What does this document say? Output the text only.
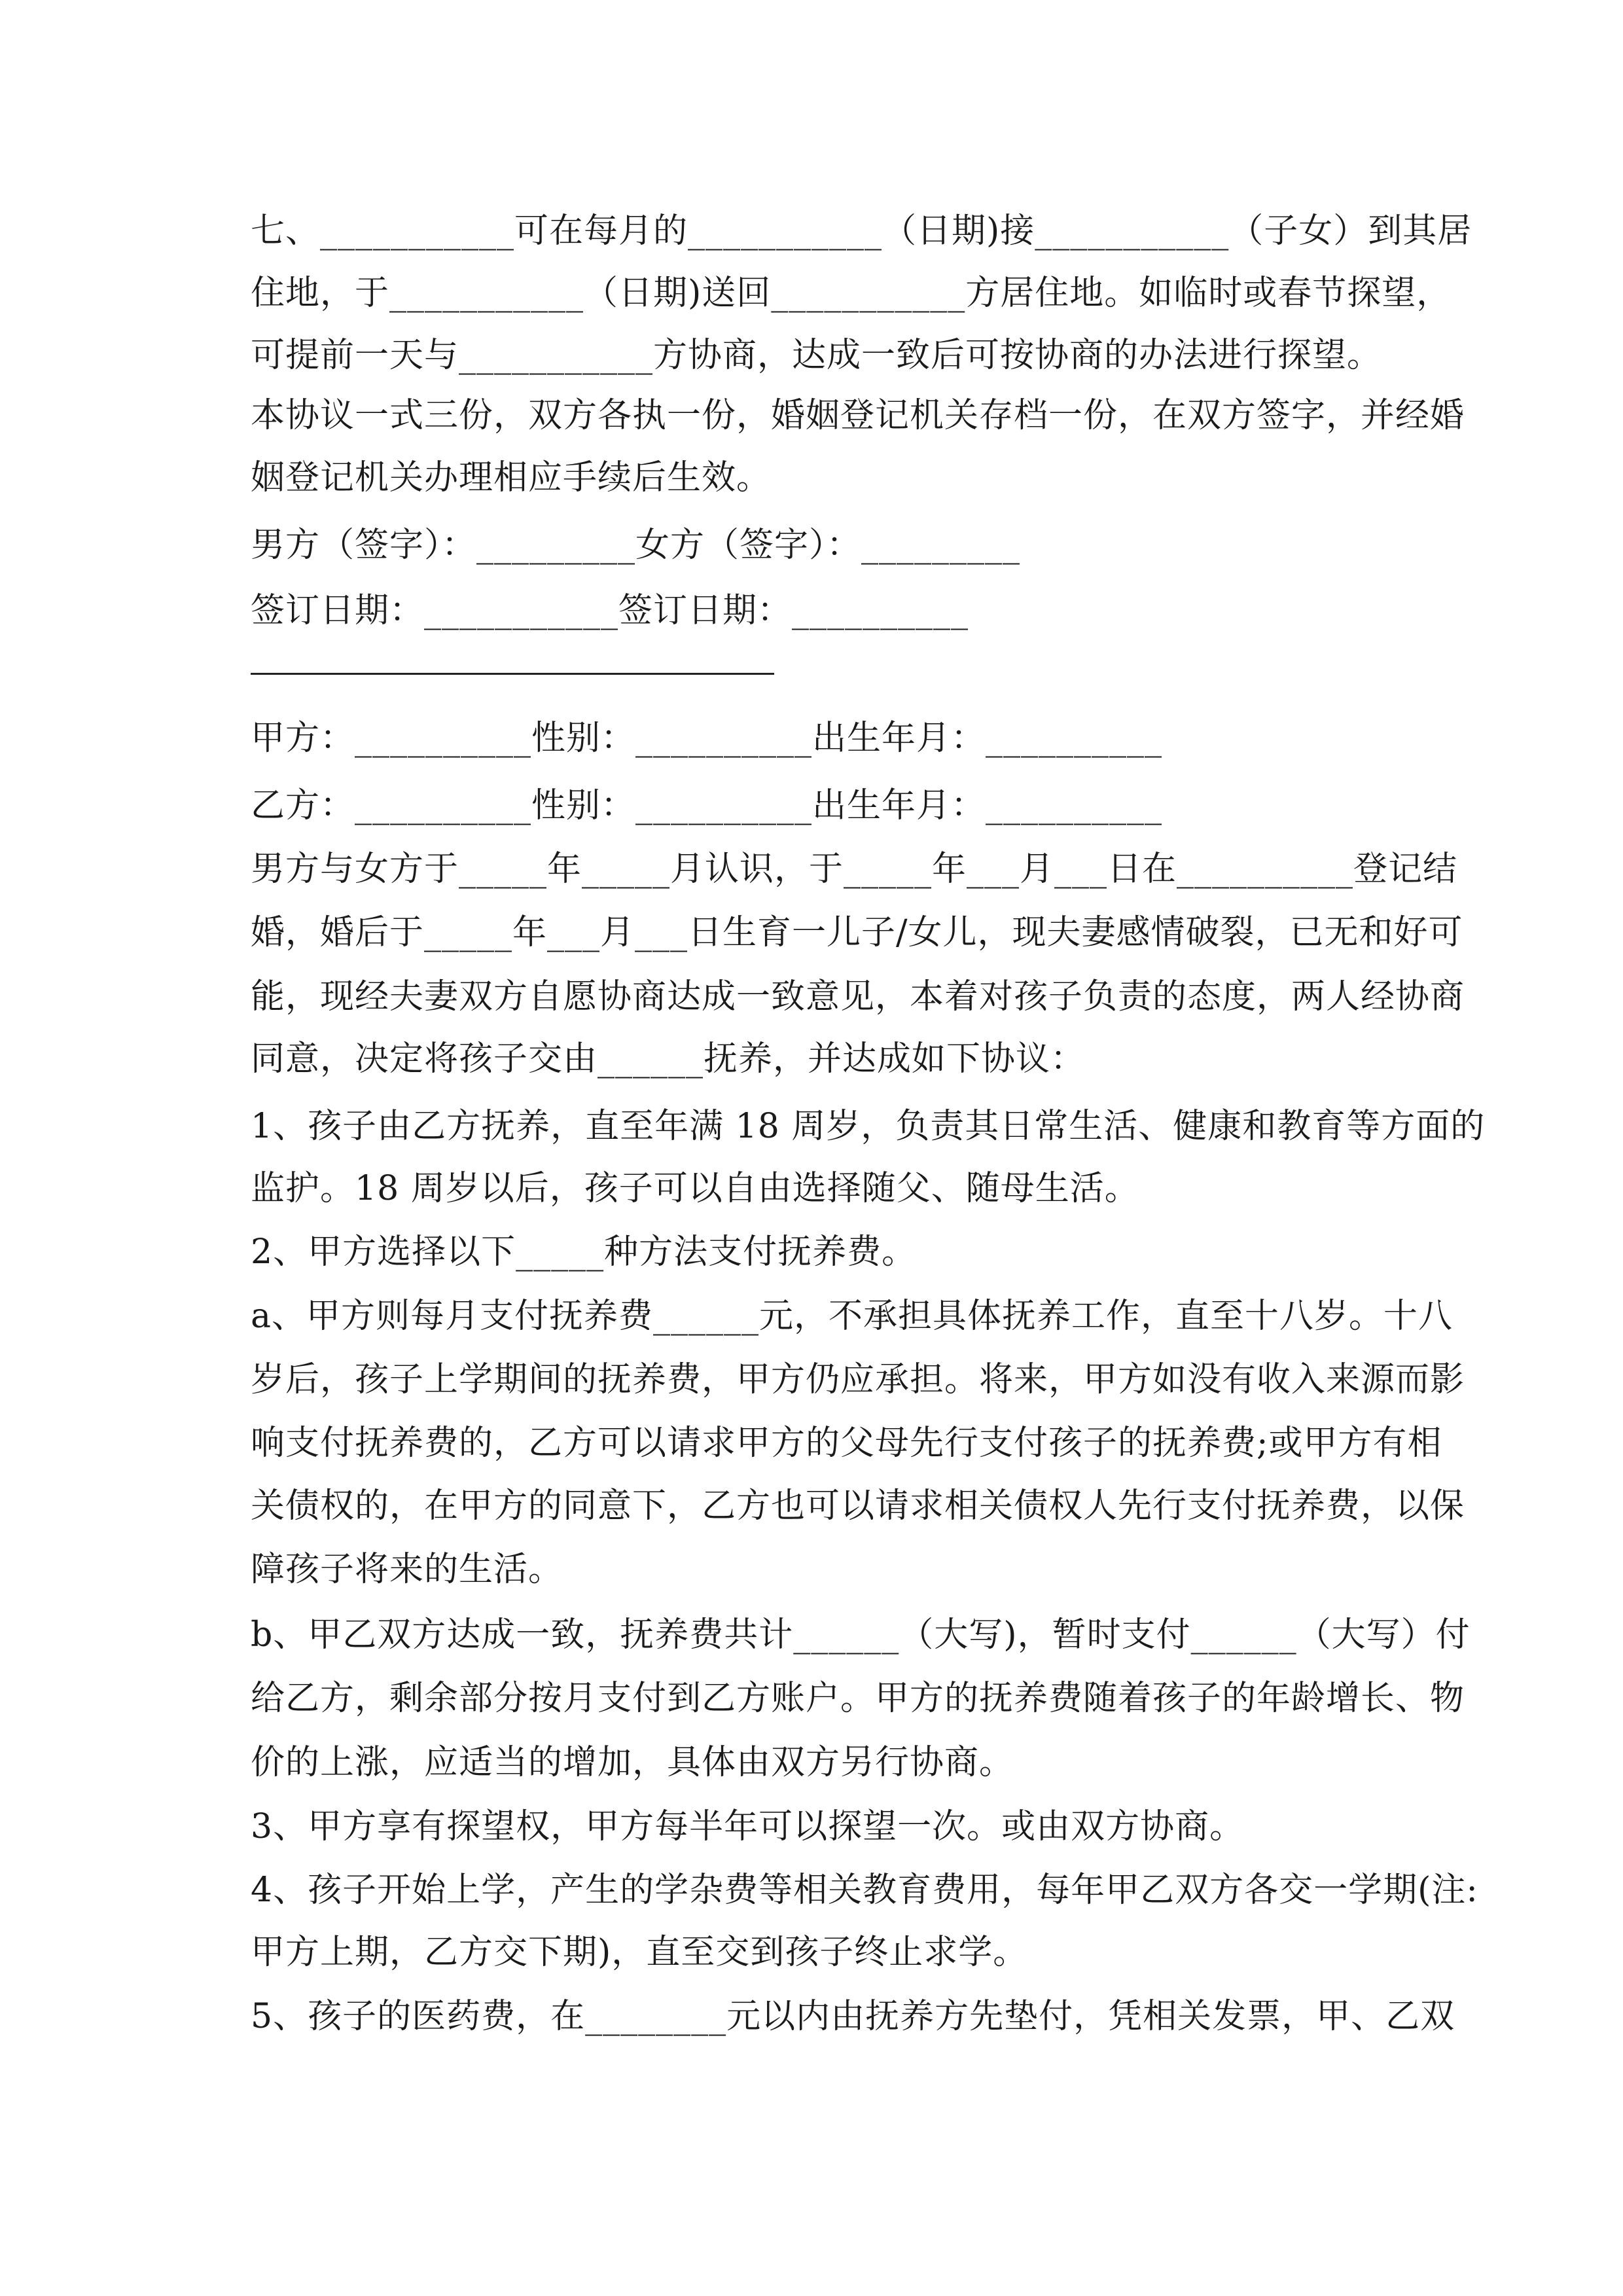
七、___________可在每月的___________（日期)接___________（子女）到其居
住地，于___________（日期)送回___________方居住地。如临时或春节探望，
可提前一天与___________方协商，达成一致后可按协商的办法进行探望。
本协议一式三份，双方各执一份，婚姻登记机关存档一份，在双方签字，并经婚
姻登记机关办理相应手续后生效。
男方（签字）：_________女方（签字）：_________
签订日期：___________签订日期：__________
甲方：__________性别：__________出生年月：__________
乙方：__________性别：__________出生年月：__________
男方与女方于_____年_____月认识，于_____年___月___日在__________登记结
婚，婚后于_____年___月___日生育一儿子/女儿，现夫妻感情破裂，已无和好可
能，现经夫妻双方自愿协商达成一致意见，本着对孩子负责的态度，两人经协商
同意，决定将孩子交由______抚养，并达成如下协议：
1、孩子由乙方抚养，直至年满 18 周岁，负责其日常生活、健康和教育等方面的
监护。18 周岁以后，孩子可以自由选择随父、随母生活。
2、甲方选择以下_____种方法支付抚养费。
a、甲方则每月支付抚养费______元，不承担具体抚养工作，直至十八岁。十八
岁后，孩子上学期间的抚养费，甲方仍应承担。将来，甲方如没有收入来源而影
响支付抚养费的，乙方可以请求甲方的父母先行支付孩子的抚养费;或甲方有相
关债权的，在甲方的同意下，乙方也可以请求相关债权人先行支付抚养费，以保
障孩子将来的生活。
b、甲乙双方达成一致，抚养费共计______（大写)，暂时支付______（大写）付
给乙方，剩余部分按月支付到乙方账户。甲方的抚养费随着孩子的年龄增长、物
价的上涨，应适当的增加，具体由双方另行协商。
3、甲方享有探望权，甲方每半年可以探望一次。或由双方协商。
4、孩子开始上学，产生的学杂费等相关教育费用，每年甲乙双方各交一学期(注:
甲方上期，乙方交下期)，直至交到孩子终止求学。
5、孩子的医药费，在________元以内由抚养方先垫付，凭相关发票，甲、乙双
